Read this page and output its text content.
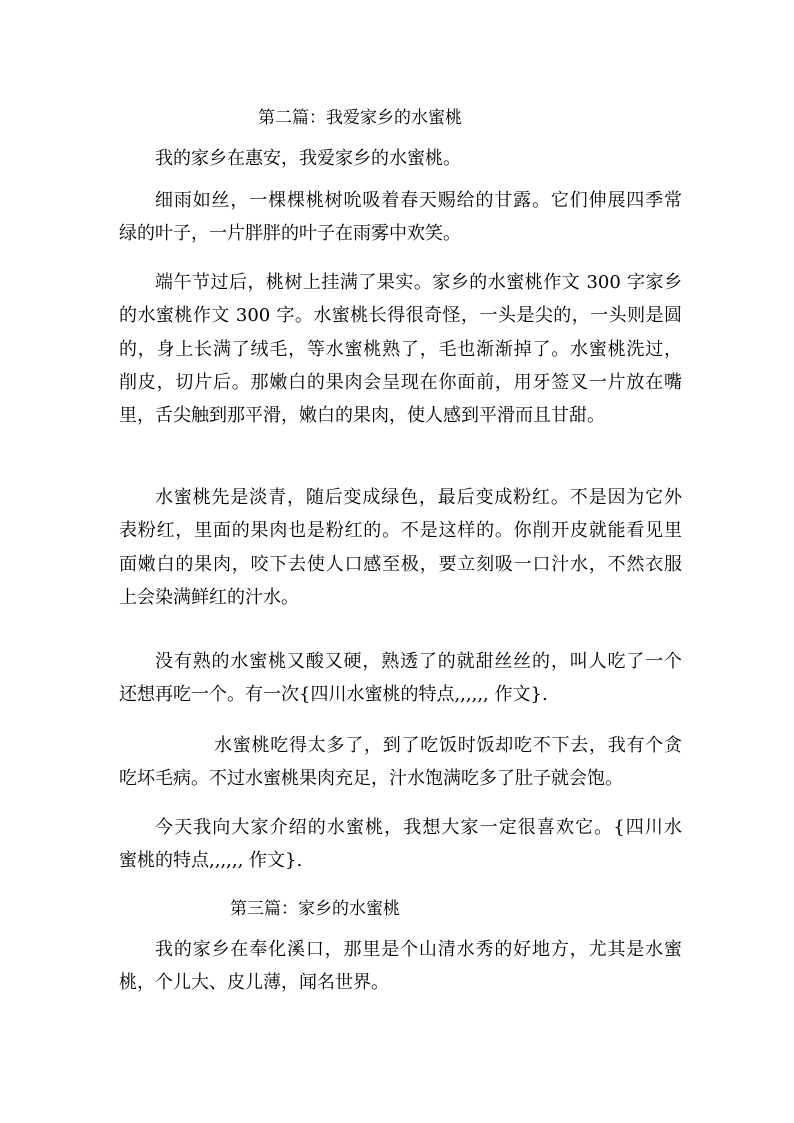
第二篇：我爱家乡的水蜜桃
我的家乡在惠安，我爱家乡的水蜜桃。
细雨如丝，一棵棵桃树吮吸着春天赐给的甘露。它们伸展四季常
绿的叶子，一片胖胖的叶子在雨雾中欢笑。
端午节过后，桃树上挂满了果实。家乡的水蜜桃作文 300 字家乡
的水蜜桃作文 300 字。水蜜桃长得很奇怪，一头是尖的，一头则是圆
的，身上长满了绒毛，等水蜜桃熟了，毛也渐渐掉了。水蜜桃洗过，
削皮，切片后。那嫩白的果肉会呈现在你面前，用牙签叉一片放在嘴
里，舌尖触到那平滑，嫩白的果肉，使人感到平滑而且甘甜。
水蜜桃先是淡青，随后变成绿色，最后变成粉红。不是因为它外
表粉红，里面的果肉也是粉红的。不是这样的。你削开皮就能看见里
面嫩白的果肉，咬下去使人口感至极，要立刻吸一口汁水，不然衣服
上会染满鲜红的汁水。
没有熟的水蜜桃又酸又硬，熟透了的就甜丝丝的，叫人吃了一个
还想再吃一个。有一次{四川水蜜桃的特点,,,,,, 作文}.
水蜜桃吃得太多了，到了吃饭时饭却吃不下去，我有个贪
吃坏毛病。不过水蜜桃果肉充足，汁水饱满吃多了肚子就会饱。
今天我向大家介绍的水蜜桃，我想大家一定很喜欢它。{四川水
蜜桃的特点,,,,,, 作文}.
第三篇：家乡的水蜜桃
我的家乡在奉化溪口，那里是个山清水秀的好地方，尤其是水蜜
桃，个儿大、皮儿薄，闻名世界。
